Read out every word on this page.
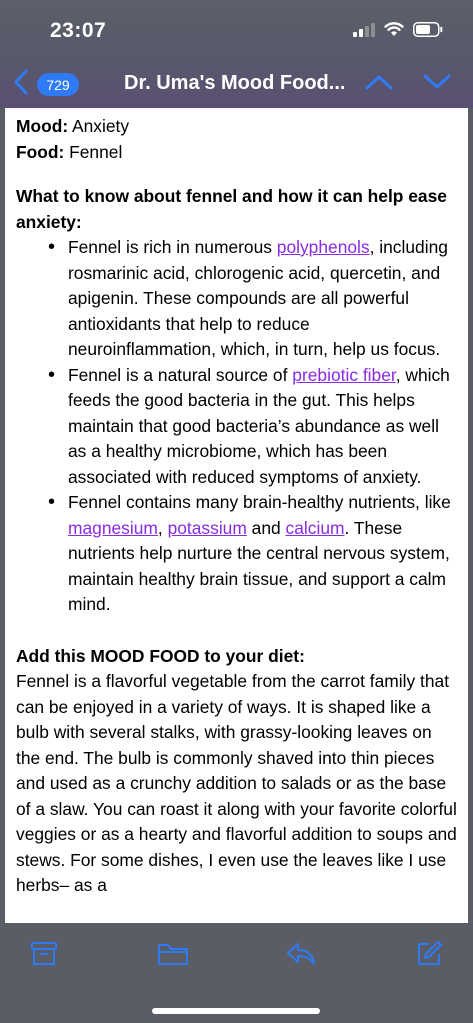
23:07
729	Dr. Uma's Mood Food...
Mood: Anxiety
Food: Fennel
What to know about fennel and how it can help ease anxiety:
• Fennel is rich in numerous polyphenols, including rosmarinic acid, chlorogenic acid, quercetin, and apigenin. These compounds are all powerful antioxidants that help to reduce neuroinflammation, which, in turn, help us focus.
• Fennel is a natural source of prebiotic fiber, which feeds the good bacteria in the gut. This helps maintain that good bacteria’s abundance as well as a healthy microbiome, which has been associated with reduced symptoms of anxiety.
• Fennel contains many brain-healthy nutrients, like magnesium, potassium and calcium. These nutrients help nurture the central nervous system, maintain healthy brain tissue, and support a calm mind.
Add this MOOD FOOD to your diet:

Fennel is a flavorful vegetable from the carrot family that can be enjoyed in a variety of ways. It is shaped like a bulb with several stalks, with grassy-looking leaves on the end. The bulb is commonly shaved into thin pieces and used as a crunchy addition to salads or as the base of a slaw. You can roast it along with your favorite colorful veggies or as a hearty and flavorful addition to soups and stews. For some dishes, I even use the leaves like I use herbs– as a
